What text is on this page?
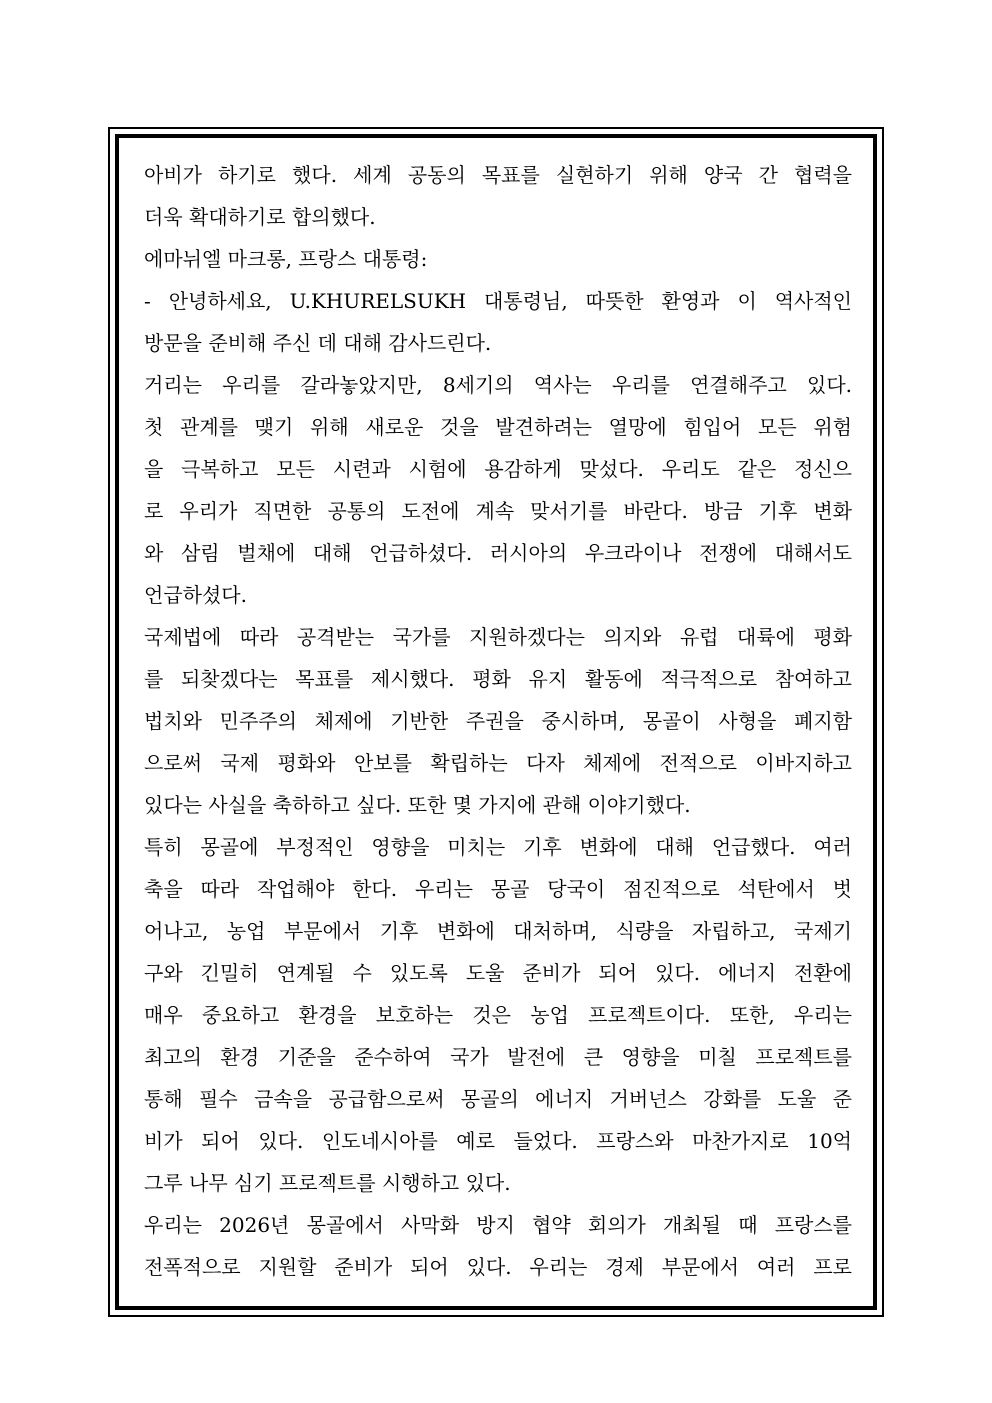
아비가 하기로 했다. 세계 공동의 목표를 실현하기 위해 양국 간 협력을
더욱 확대하기로 합의했다.
에마뉘엘 마크롱, 프랑스 대통령:
- 안녕하세요, U.KHURELSUKH 대통령님, 따뜻한 환영과 이 역사적인
방문을 준비해 주신 데 대해 감사드린다.
거리는 우리를 갈라놓았지만, 8세기의 역사는 우리를 연결해주고 있다.
첫 관계를 맺기 위해 새로운 것을 발견하려는 열망에 힘입어 모든 위험
을 극복하고 모든 시련과 시험에 용감하게 맞섰다. 우리도 같은 정신으
로 우리가 직면한 공통의 도전에 계속 맞서기를 바란다. 방금 기후 변화
와 삼림 벌채에 대해 언급하셨다. 러시아의 우크라이나 전쟁에 대해서도
언급하셨다.
국제법에 따라 공격받는 국가를 지원하겠다는 의지와 유럽 대륙에 평화
를 되찾겠다는 목표를 제시했다. 평화 유지 활동에 적극적으로 참여하고
법치와 민주주의 체제에 기반한 주권을 중시하며, 몽골이 사형을 폐지함
으로써 국제 평화와 안보를 확립하는 다자 체제에 전적으로 이바지하고
있다는 사실을 축하하고 싶다. 또한 몇 가지에 관해 이야기했다.
특히 몽골에 부정적인 영향을 미치는 기후 변화에 대해 언급했다. 여러
축을 따라 작업해야 한다. 우리는 몽골 당국이 점진적으로 석탄에서 벗
어나고, 농업 부문에서 기후 변화에 대처하며, 식량을 자립하고, 국제기
구와 긴밀히 연계될 수 있도록 도울 준비가 되어 있다. 에너지 전환에
매우 중요하고 환경을 보호하는 것은 농업 프로젝트이다. 또한, 우리는
최고의 환경 기준을 준수하여 국가 발전에 큰 영향을 미칠 프로젝트를
통해 필수 금속을 공급함으로써 몽골의 에너지 거버넌스 강화를 도울 준
비가 되어 있다. 인도네시아를 예로 들었다. 프랑스와 마찬가지로 10억
그루 나무 심기 프로젝트를 시행하고 있다.
우리는 2026년 몽골에서 사막화 방지 협약 회의가 개최될 때 프랑스를
전폭적으로 지원할 준비가 되어 있다. 우리는 경제 부문에서 여러 프로
